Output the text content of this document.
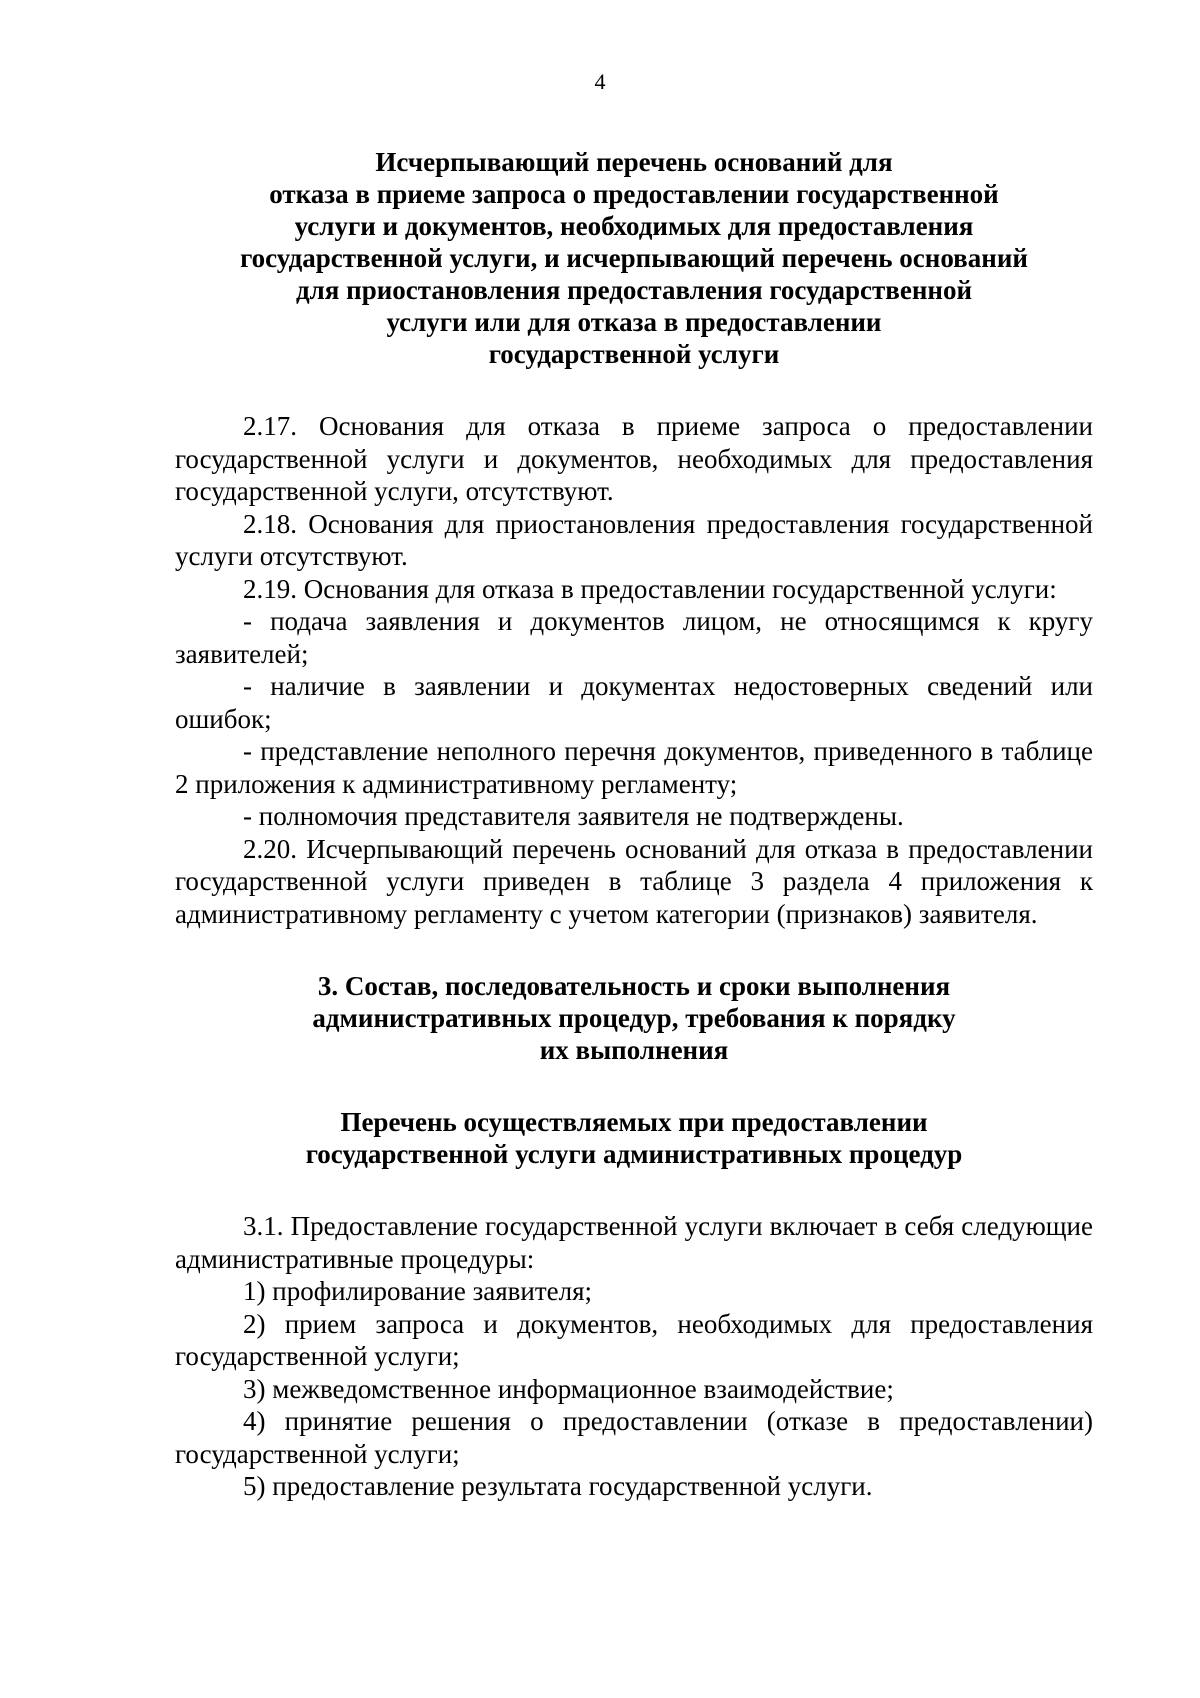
4
Исчерпывающий перечень оснований для
отказа в приеме запроса о предоставлении государственной
услуги и документов, необходимых для предоставления
государственной услуги, и исчерпывающий перечень оснований
для приостановления предоставления государственной
услуги или для отказа в предоставлении
государственной услуги

2.17. Основания для отказа в приеме запроса о предоставлении государственной услуги и документов, необходимых для предоставления государственной услуги, отсутствуют.

2.18. Основания для приостановления предоставления государственной услуги отсутствуют.

2.19. Основания для отказа в предоставлении государственной услуги:

- подача заявления и документов лицом, не относящимся к кругу заявителей;

- наличие в заявлении и документах недостоверных сведений или ошибок;

- представление неполного перечня документов, приведенного в таблице 2 приложения к административному регламенту;

- полномочия представителя заявителя не подтверждены.

2.20. Исчерпывающий перечень оснований для отказа в предоставлении государственной услуги приведен в таблице 3 раздела 4 приложения к административному регламенту с учетом категории (признаков) заявителя.

3. Состав, последовательность и сроки выполнения
административных процедур, требования к порядку
их выполнения
Перечень осуществляемых при предоставлении
государственной услуги административных процедур

3.1. Предоставление государственной услуги включает в себя следующие административные процедуры:

1) профилирование заявителя;

2) прием запроса и документов, необходимых для предоставления государственной услуги;

3) межведомственное информационное взаимодействие;

4) принятие решения о предоставлении (отказе в предоставлении) государственной услуги;

5) предоставление результата государственной услуги.
